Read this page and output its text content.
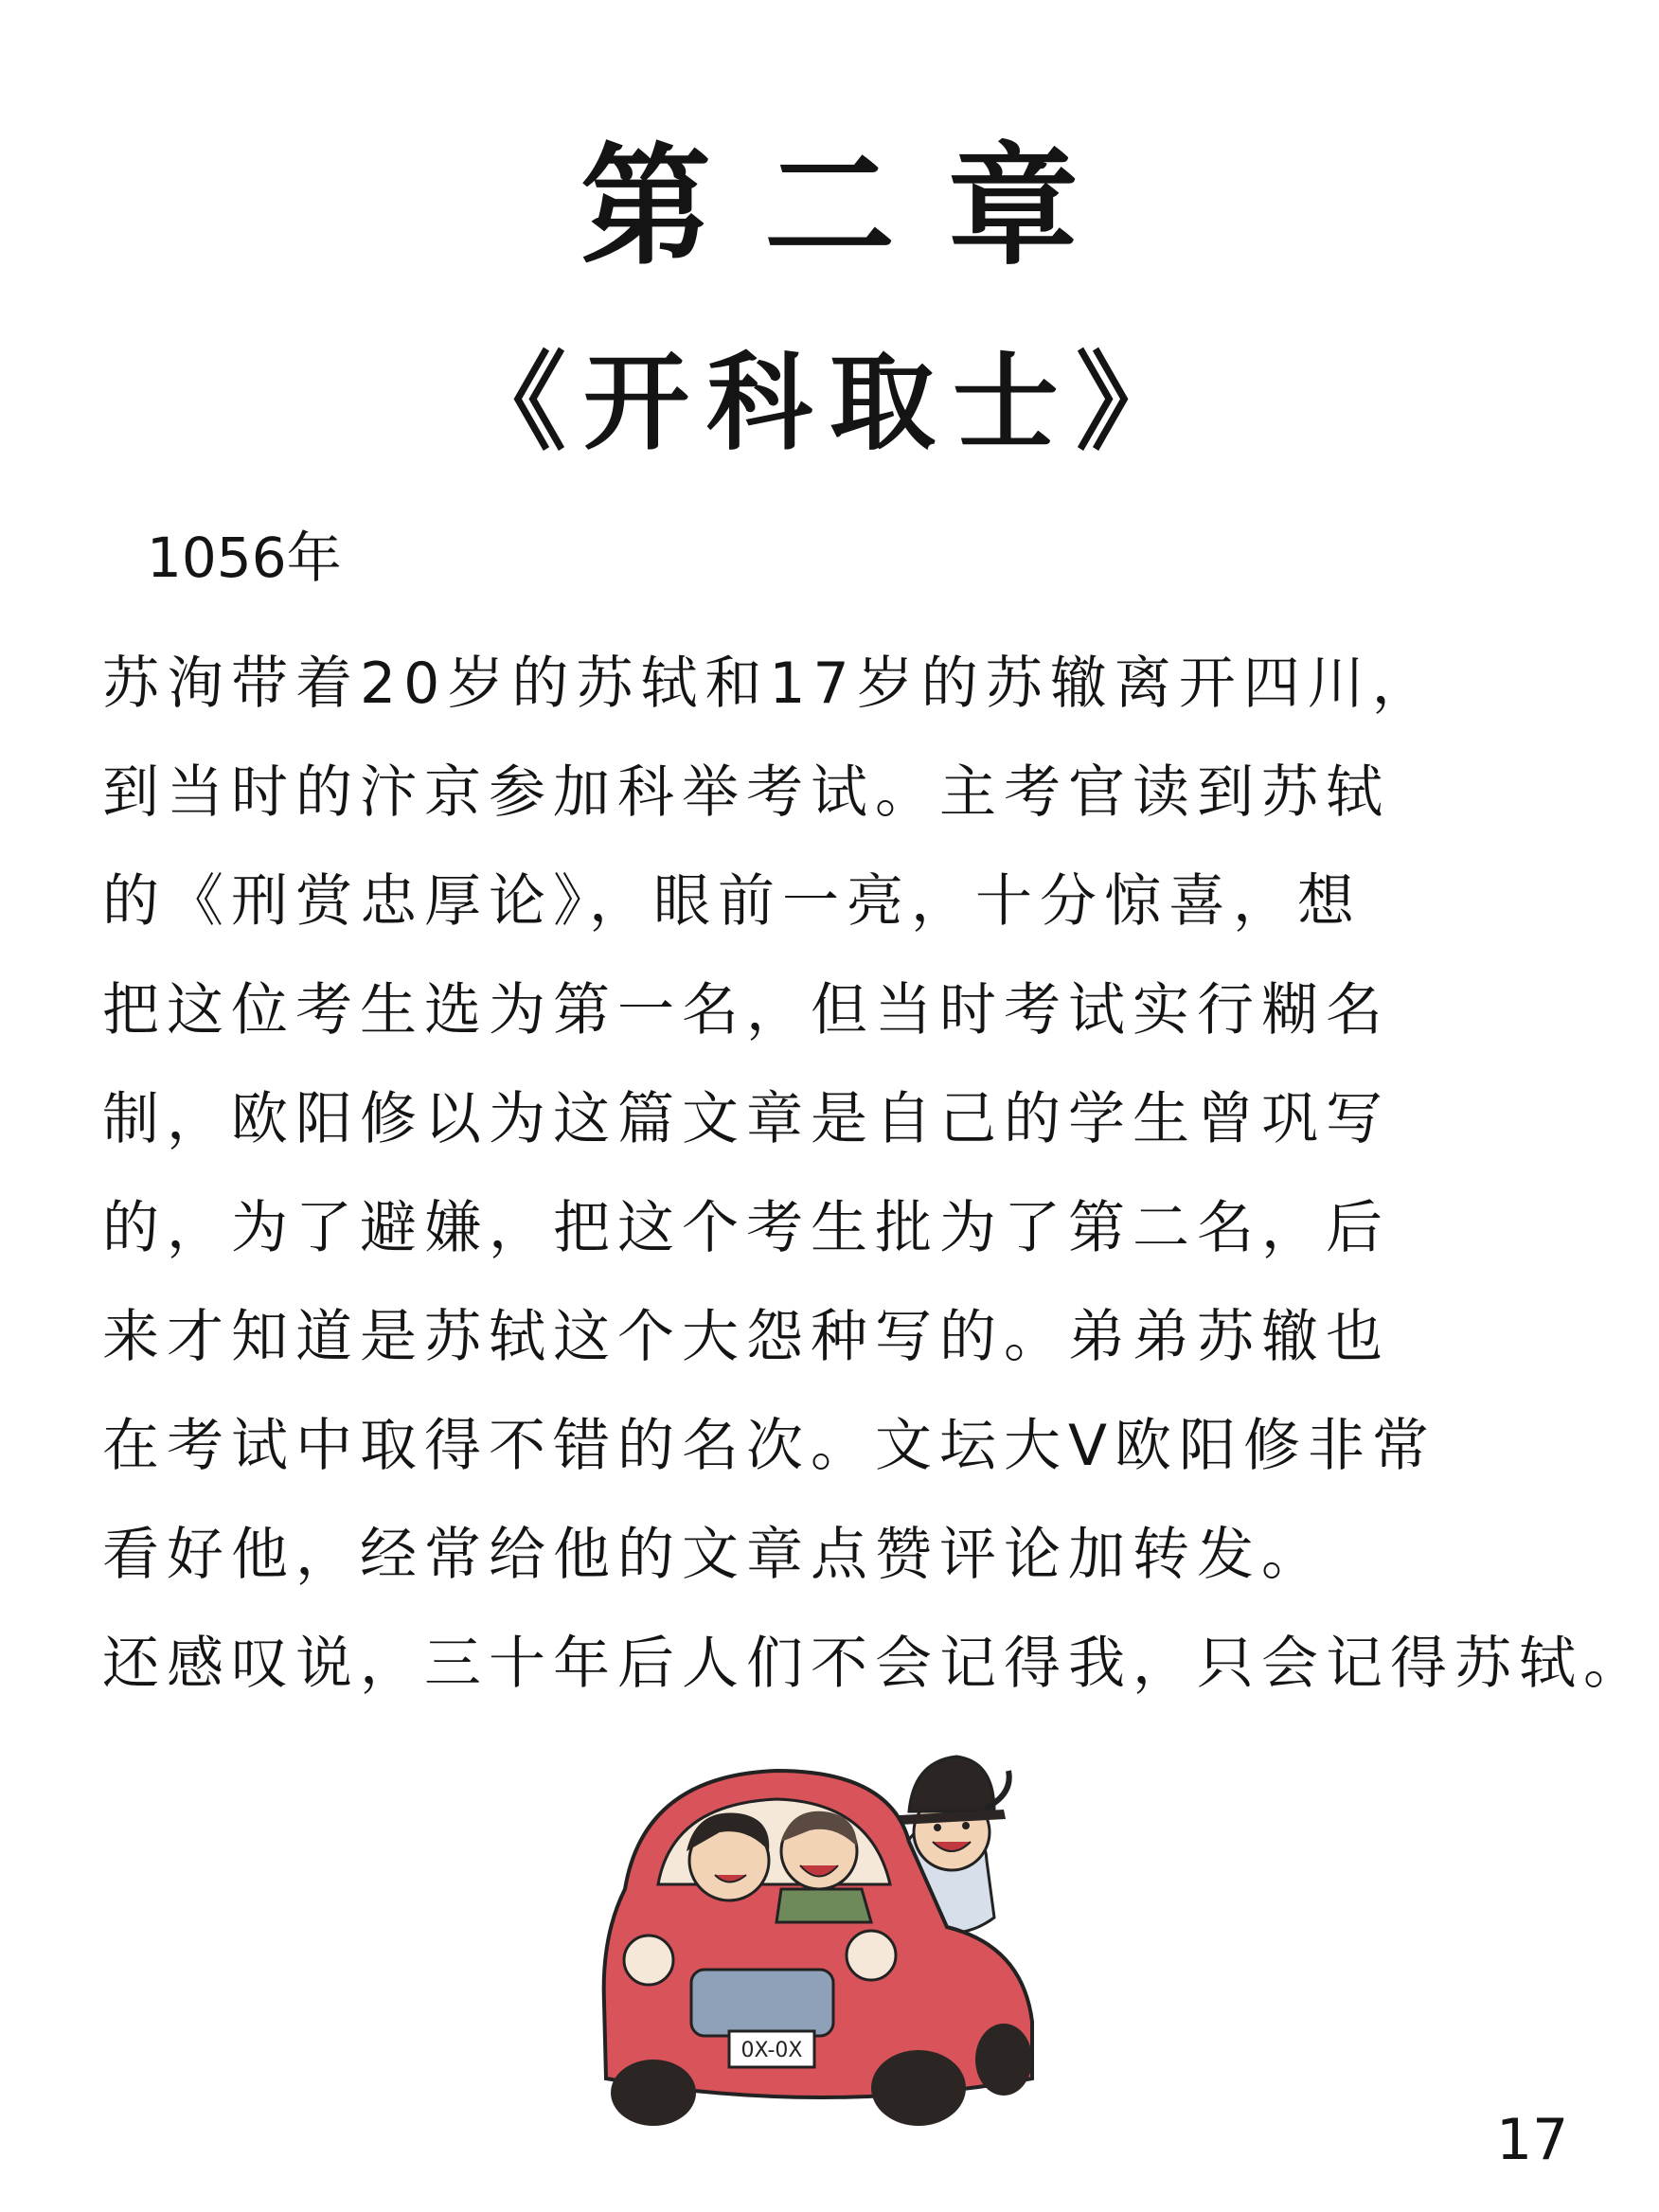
第二章
《开科取士》
1056年
苏洵带着20岁的苏轼和17岁的苏辙离开四川，
到当时的汴京参加科举考试。主考官读到苏轼
的《刑赏忠厚论》，眼前一亮，十分惊喜，想
把这位考生选为第一名，但当时考试实行糊名
制，欧阳修以为这篇文章是自己的学生曾巩写
的，为了避嫌，把这个考生批为了第二名，后
来才知道是苏轼这个大怨种写的。弟弟苏辙也
在考试中取得不错的名次。文坛大V欧阳修非常
看好他，经常给他的文章点赞评论加转发。
还感叹说，三十年后人们不会记得我，只会记得苏轼。
0X-0X
17
